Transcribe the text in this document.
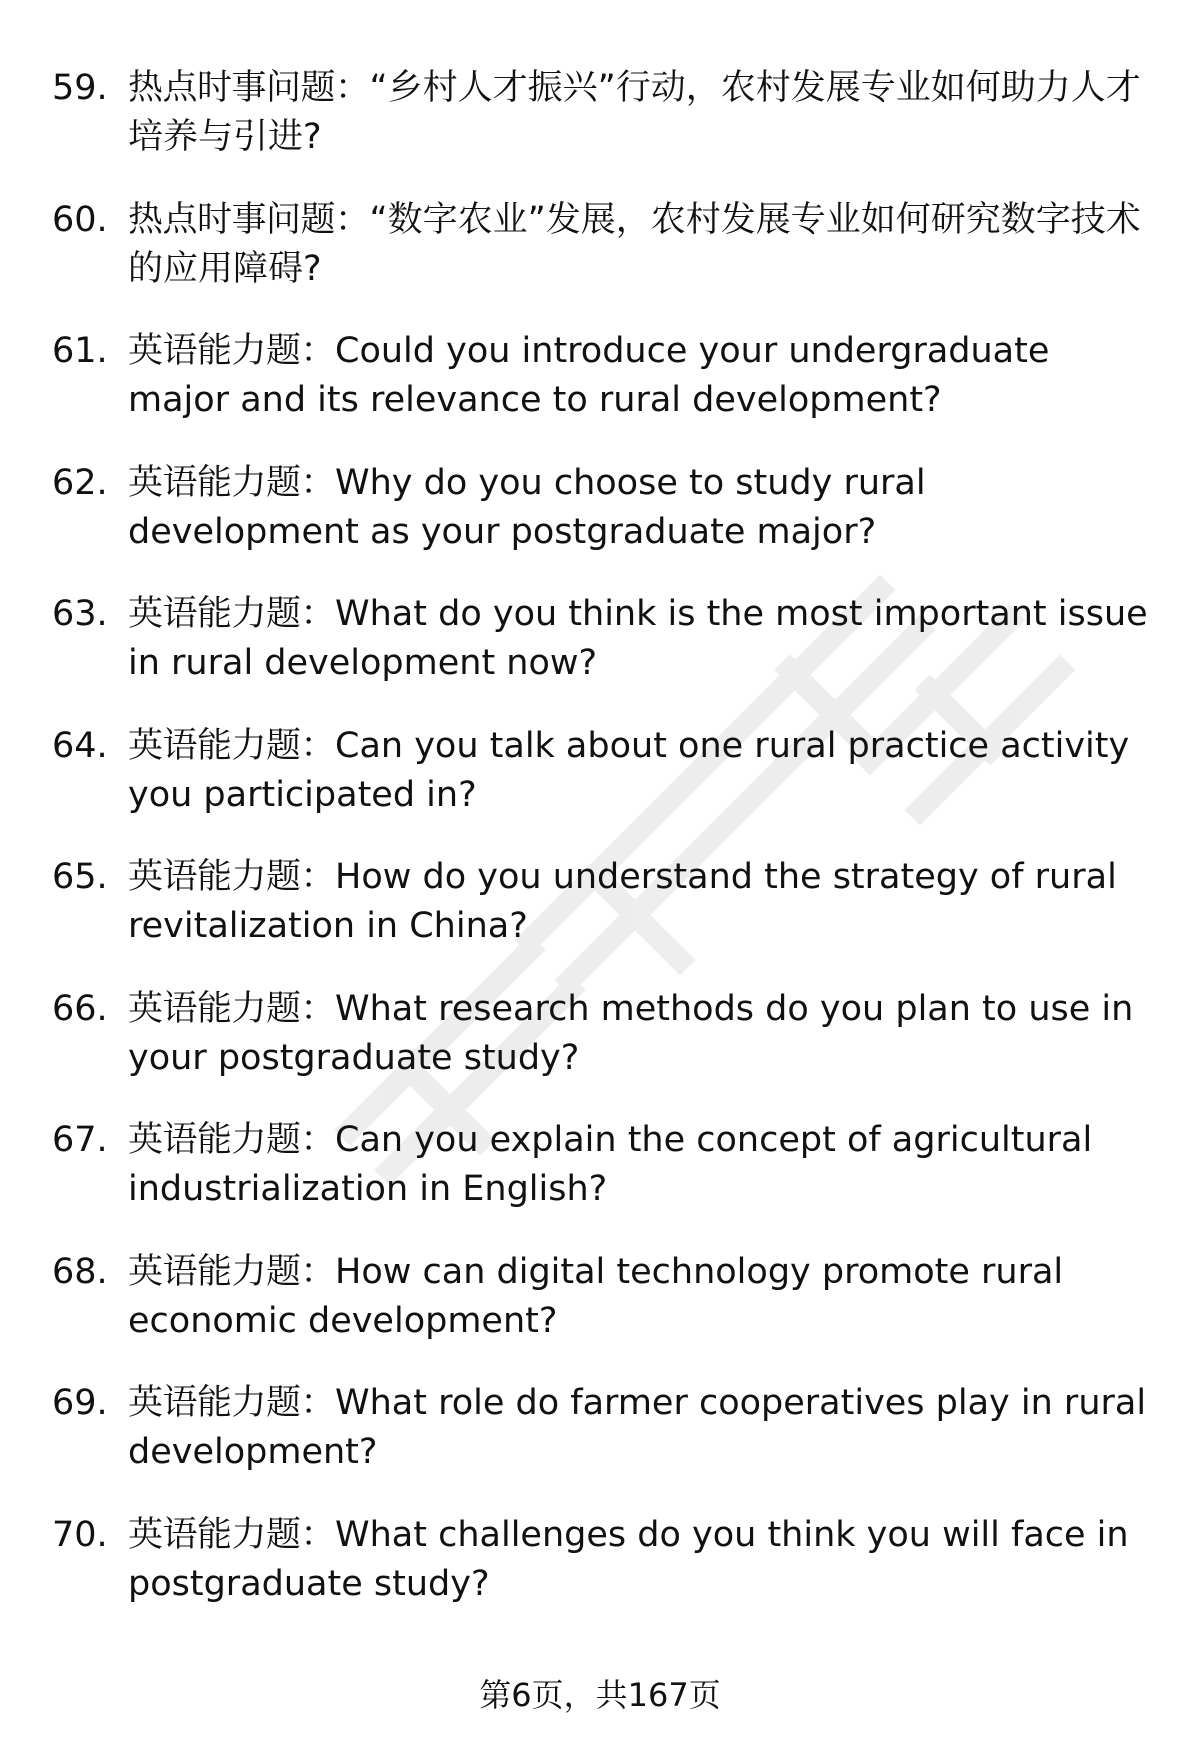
59. 热点时事问题：“乡村人才振兴”行动，农村发展专业如何助力人才培养与引进?
60. 热点时事问题：“数字农业”发展，农村发展专业如何研究数字技术的应用障碍?
61. 英语能力题：Could you introduce your undergraduate major and its relevance to rural development?
62. 英语能力题：Why do you choose to study rural development as your postgraduate major?
63. 英语能力题：What do you think is the most important issue in rural development now?
64. 英语能力题：Can you talk about one rural practice activity you participated in?
65. 英语能力题：How do you understand the strategy of rural revitalization in China?
66. 英语能力题：What research methods do you plan to use in your postgraduate study?
67. 英语能力题：Can you explain the concept of agricultural industrialization in English?
68. 英语能力题：How can digital technology promote rural economic development?
69. 英语能力题：What role do farmer cooperatives play in rural development?
70. 英语能力题：What challenges do you think you will face in postgraduate study?
第6页，共167页
